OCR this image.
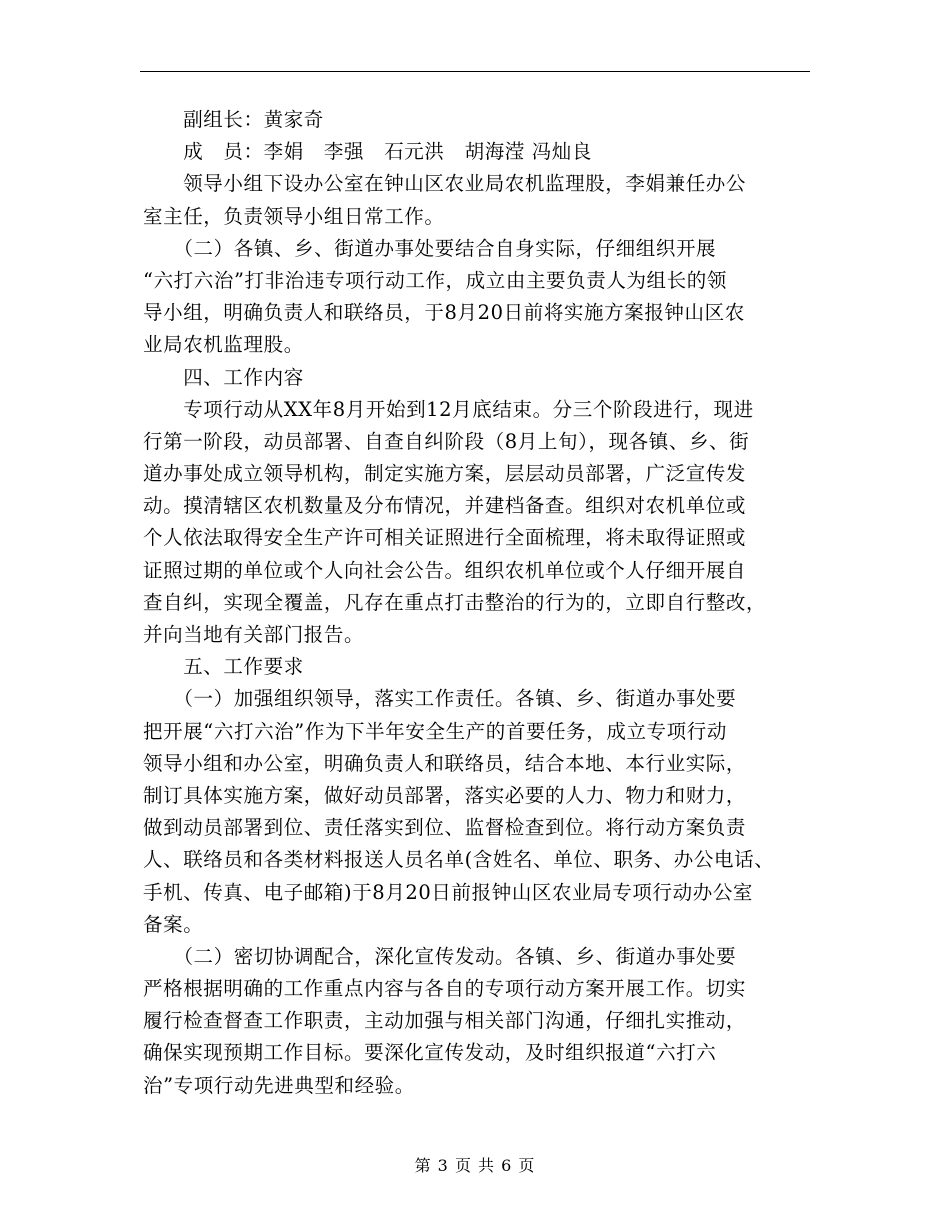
　　副组长：黄家奇
　　成　员：李娟　李强　石元洪　胡海滢 冯灿良
　　领导小组下设办公室在钟山区农业局农机监理股，李娟兼任办公
室主任，负责领导小组日常工作。
　　（二）各镇、乡、街道办事处要结合自身实际，仔细组织开展
“六打六治”打非治违专项行动工作，成立由主要负责人为组长的领
导小组，明确负责人和联络员，于8月20日前将实施方案报钟山区农
业局农机监理股。
　　四、工作内容
　　专项行动从XX年8月开始到12月底结束。分三个阶段进行，现进
行第一阶段，动员部署、自查自纠阶段（8月上旬），现各镇、乡、街
道办事处成立领导机构，制定实施方案，层层动员部署，广泛宣传发
动。摸清辖区农机数量及分布情况，并建档备查。组织对农机单位或
个人依法取得安全生产许可相关证照进行全面梳理，将未取得证照或
证照过期的单位或个人向社会公告。组织农机单位或个人仔细开展自
查自纠，实现全覆盖，凡存在重点打击整治的行为的，立即自行整改，
并向当地有关部门报告。
　　五、工作要求
　　（一）加强组织领导，落实工作责任。各镇、乡、街道办事处要
把开展“六打六治”作为下半年安全生产的首要任务，成立专项行动
领导小组和办公室，明确负责人和联络员，结合本地、本行业实际，
制订具体实施方案，做好动员部署，落实必要的人力、物力和财力，
做到动员部署到位、责任落实到位、监督检查到位。将行动方案负责
人、联络员和各类材料报送人员名单(含姓名、单位、职务、办公电话、
手机、传真、电子邮箱)于8月20日前报钟山区农业局专项行动办公室
备案。
　　（二）密切协调配合，深化宣传发动。各镇、乡、街道办事处要
严格根据明确的工作重点内容与各自的专项行动方案开展工作。切实
履行检查督查工作职责，主动加强与相关部门沟通，仔细扎实推动，
确保实现预期工作目标。要深化宣传发动，及时组织报道“六打六
治”专项行动先进典型和经验。
第 3 页 共 6 页
